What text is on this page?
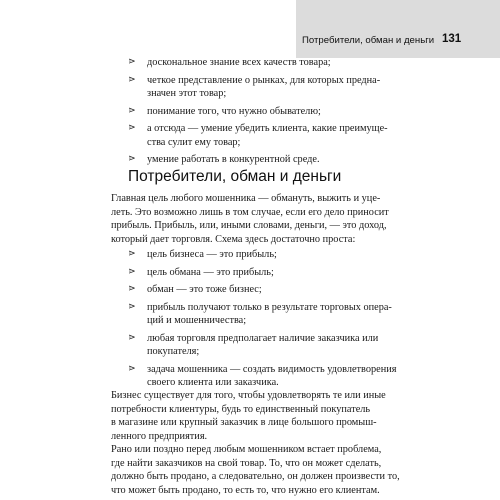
Потребители, обман и деньги 131
⋗ доскональное знание всех качеств товара;
⋗ четкое представление о рынках, для которых предна-
значен этот товар;
⋗ понимание того, что нужно обывателю;
⋗ а отсюда — умение убедить клиента, какие преимуще-
ства сулит ему товар;
⋗ умение работать в конкурентной среде.
Потребители, обман и деньги
Главная цель любого мошенника — обмануть, выжить и уце-
леть. Это возможно лишь в том случае, если его дело приносит
прибыль. Прибыль, или, иными словами, деньги, — это доход,
который дает торговля. Схема здесь достаточно проста:
⋗ цель бизнеса — это прибыль;
⋗ цель обмана — это прибыль;
⋗ обман — это тоже бизнес;
⋗ прибыль получают только в результате торговых опера-
ций и мошенничества;
⋗ любая торговля предполагает наличие заказчика или
покупателя;
⋗ задача мошенника — создать видимость удовлетворения
своего клиента или заказчика.
Бизнес существует для того, чтобы удовлетворять те или иные
потребности клиентуры, будь то единственный покупатель
в магазине или крупный заказчик в лице большого промыш-
ленного предприятия.
Рано или поздно перед любым мошенником встает проблема,
где найти заказчиков на свой товар. То, что он может сделать,
должно быть продано, а следовательно, он должен произвести то,
что может быть продано, то есть то, что нужно его клиентам.
